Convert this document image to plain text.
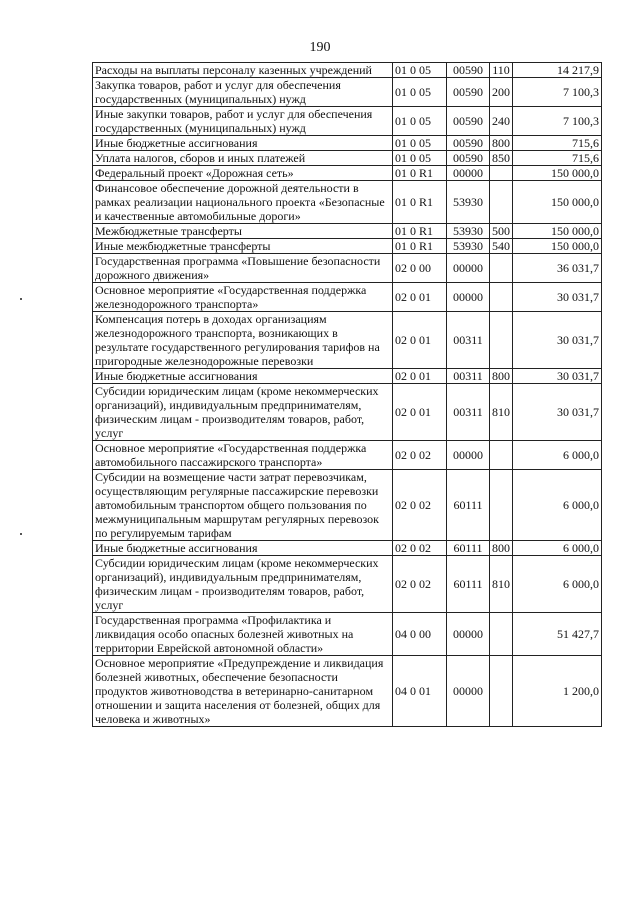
190
Расходы на выплаты персоналу казенных учреждений	01 0 05	00590	110	14 217,9
Закупка товаров, работ и услуг для обеспечения государственных (муниципальных) нужд	01 0 05	00590	200	7 100,3
Иные закупки товаров, работ и услуг для обеспечения государственных (муниципальных) нужд	01 0 05	00590	240	7 100,3
Иные бюджетные ассигнования	01 0 05	00590	800	715,6
Уплата налогов, сборов и иных платежей	01 0 05	00590	850	715,6
Федеральный проект «Дорожная сеть»	01 0 R1	00000		150 000,0
Финансовое обеспечение дорожной деятельности в рамках реализации национального проекта «Безопасные и качественные автомобильные дороги»	01 0 R1	53930		150 000,0
Межбюджетные трансферты	01 0 R1	53930	500	150 000,0
Иные межбюджетные трансферты	01 0 R1	53930	540	150 000,0
Государственная программа «Повышение безопасности дорожного движения»	02 0 00	00000		36 031,7
Основное мероприятие «Государственная поддержка железнодорожного транспорта»	02 0 01	00000		30 031,7
Компенсация потерь в доходах организациям железнодорожного транспорта, возникающих в результате государственного регулирования тарифов на пригородные железнодорожные перевозки	02 0 01	00311		30 031,7
Иные бюджетные ассигнования	02 0 01	00311	800	30 031,7
Субсидии юридическим лицам (кроме некоммерческих организаций), индивидуальным предпринимателям, физическим лицам - производителям товаров, работ, услуг	02 0 01	00311	810	30 031,7
Основное мероприятие «Государственная поддержка автомобильного пассажирского транспорта»	02 0 02	00000		6 000,0
Субсидии на возмещение части затрат перевозчикам, осуществляющим регулярные пассажирские перевозки автомобильным транспортом общего пользования по межмуниципальным маршрутам регулярных перевозок по регулируемым тарифам	02 0 02	60111		6 000,0
Иные бюджетные ассигнования	02 0 02	60111	800	6 000,0
Субсидии юридическим лицам (кроме некоммерческих организаций), индивидуальным предпринимателям, физическим лицам - производителям товаров, работ, услуг	02 0 02	60111	810	6 000,0
Государственная программа «Профилактика и ликвидация особо опасных болезней животных на территории Еврейской автономной области»	04 0 00	00000		51 427,7
Основное мероприятие «Предупреждение и ликвидация болезней животных, обеспечение безопасности продуктов животноводства в ветеринарно-санитарном отношении и защита населения от болезней, общих для человека и животных»	04 0 01	00000		1 200,0
